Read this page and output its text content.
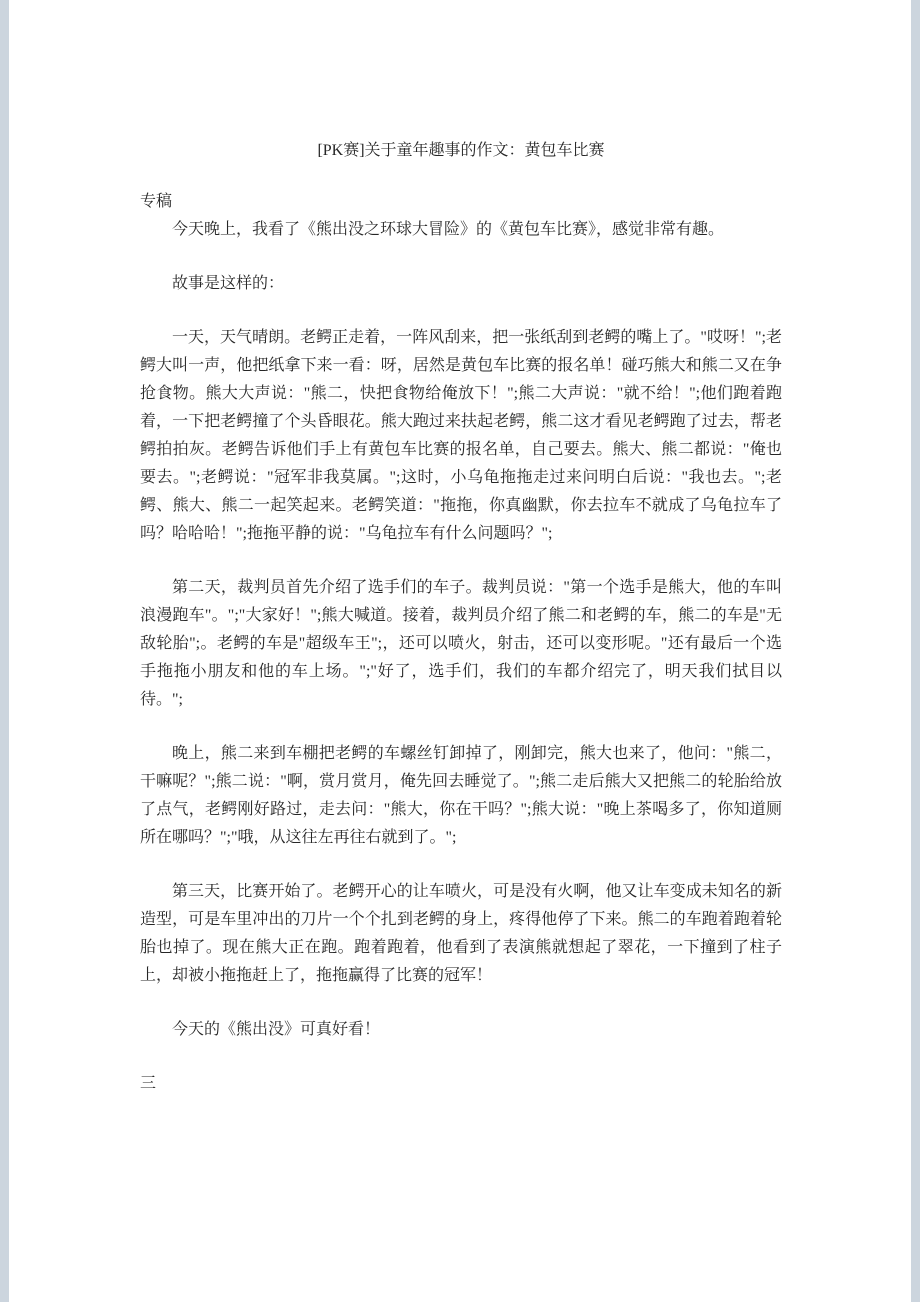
[PK赛]关于童年趣事的作文：黄包车比赛

专稿

今天晚上，我看了《熊出没之环球大冒险》的《黄包车比赛》，感觉非常有趣。

故事是这样的：

一天，天气晴朗。老鳄正走着，一阵风刮来，把一张纸刮到老鳄的嘴上了。"哎呀！";老鳄大叫一声，他把纸拿下来一看：呀，居然是黄包车比赛的报名单！碰巧熊大和熊二又在争抢食物。熊大大声说："熊二，快把食物给俺放下！";熊二大声说："就不给！";他们跑着跑着，一下把老鳄撞了个头昏眼花。熊大跑过来扶起老鳄，熊二这才看见老鳄跑了过去，帮老鳄拍拍灰。老鳄告诉他们手上有黄包车比赛的报名单，自己要去。熊大、熊二都说："俺也要去。";老鳄说："冠军非我莫属。";这时，小乌龟拖拖走过来问明白后说："我也去。";老鳄、熊大、熊二一起笑起来。老鳄笑道："拖拖，你真幽默，你去拉车不就成了乌龟拉车了吗？哈哈哈！";拖拖平静的说："乌龟拉车有什么问题吗？";

第二天，裁判员首先介绍了选手们的车子。裁判员说："第一个选手是熊大，他的车叫浪漫跑车"。";"大家好！";熊大喊道。接着，裁判员介绍了熊二和老鳄的车，熊二的车是"无敌轮胎";。老鳄的车是"超级车王";，还可以喷火，射击，还可以变形呢。"还有最后一个选手拖拖小朋友和他的车上场。";"好了，选手们，我们的车都介绍完了，明天我们拭目以待。";

晚上，熊二来到车棚把老鳄的车螺丝钉卸掉了，刚卸完，熊大也来了，他问："熊二，干嘛呢？";熊二说："啊，赏月赏月，俺先回去睡觉了。";熊二走后熊大又把熊二的轮胎给放了点气，老鳄刚好路过，走去问："熊大，你在干吗？";熊大说："晚上茶喝多了，你知道厕所在哪吗？";"哦，从这往左再往右就到了。";

第三天，比赛开始了。老鳄开心的让车喷火，可是没有火啊，他又让车变成未知名的新造型，可是车里冲出的刀片一个个扎到老鳄的身上，疼得他停了下来。熊二的车跑着跑着轮胎也掉了。现在熊大正在跑。跑着跑着，他看到了表演熊就想起了翠花，一下撞到了柱子上，却被小拖拖赶上了，拖拖赢得了比赛的冠军！

今天的《熊出没》可真好看！

三
